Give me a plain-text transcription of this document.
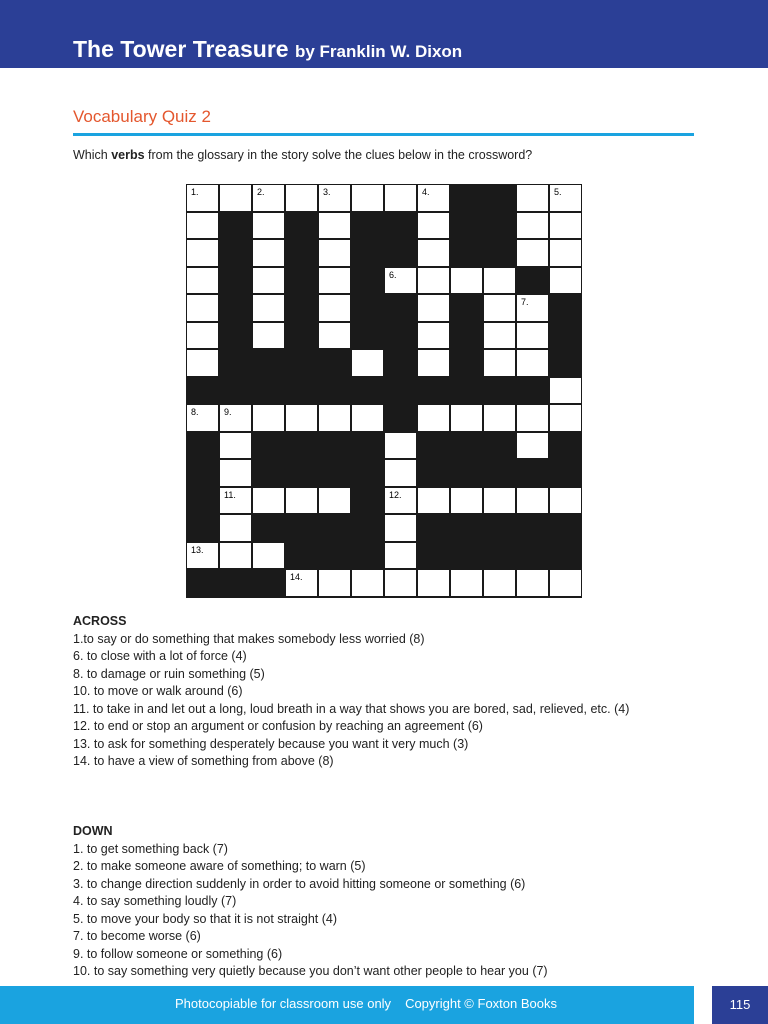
The Tower Treasure by Franklin W. Dixon
Vocabulary Quiz 2
Which verbs from the glossary in the story solve the clues below in the crossword?
1.	2.	3.	4.	5.
6.
7.
8.	9.
11.	12.
13.
14.
ACROSS
1.to say or do something that makes somebody less worried (8)
6. to close with a lot of force (4)
8. to damage or ruin something (5)
10. to move or walk around (6)
11. to take in and let out a long, loud breath in a way that shows you are bored, sad, relieved, etc. (4)
12. to end or stop an argument or confusion by reaching an agreement (6)
13. to ask for something desperately because you want it very much (3)
14. to have a view of something from above (8)
DOWN
1. to get something back (7)
2. to make someone aware of something; to warn (5)
3. to change direction suddenly in order to avoid hitting someone or something (6)
4. to say something loudly (7)
5. to move your body so that it is not straight (4)
7. to become worse (6)
9. to follow someone or something (6)
10. to say something very quietly because you don’t want other people to hear you (7)
Photocopiable for classroom use only Copyright © Foxton Books	115
